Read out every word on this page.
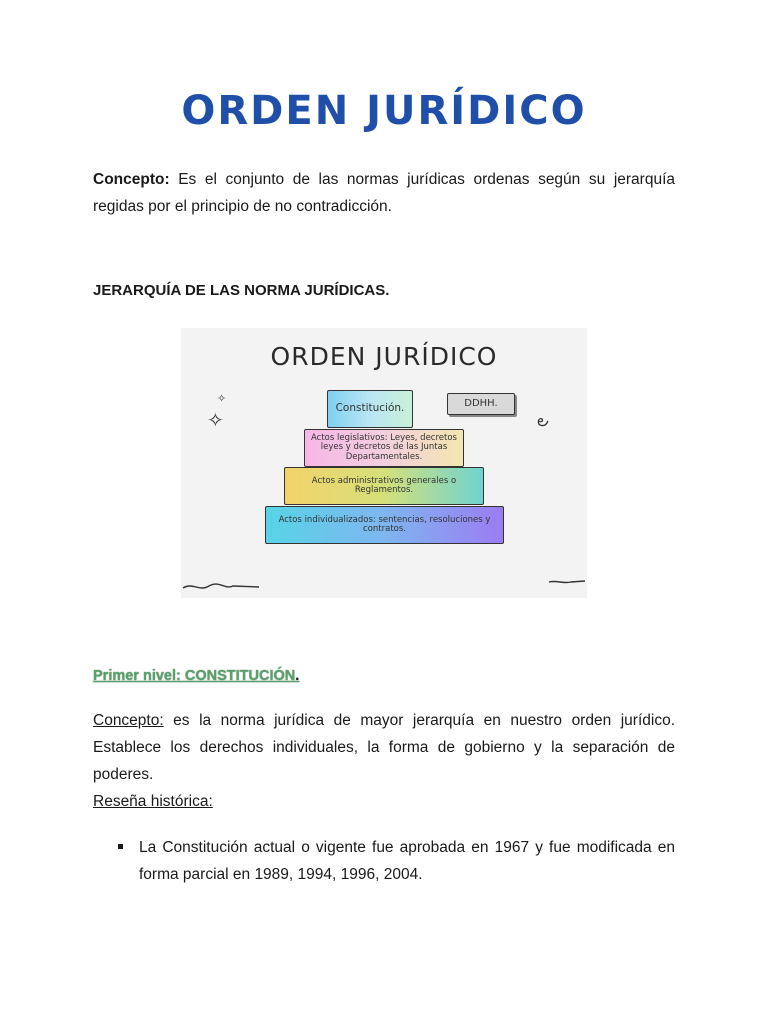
ORDEN JURÍDICO

Concepto: Es el conjunto de las normas jurídicas ordenas según su jerarquía regidas por el principio de no contradicción.

JERARQUÍA DE LAS NORMA JURÍDICAS.
ORDEN JURÍDICO
✧
✧	౿
Constitución.	DDHH.
Actos legislativos: Leyes, decretos leyes y decretos de las Juntas Departamentales.
Actos administrativos generales o Reglamentos.
Actos individualizados: sentencias, resoluciones y contratos.
Primer nivel: CONSTITUCIÓN.

Concepto: es la norma jurídica de mayor jerarquía en nuestro orden jurídico. Establece los derechos individuales, la forma de gobierno y la separación de poderes.

Reseña histórica:

La Constitución actual o vigente fue aprobada en 1967 y fue modificada en forma parcial en 1989, 1994, 1996, 2004.
